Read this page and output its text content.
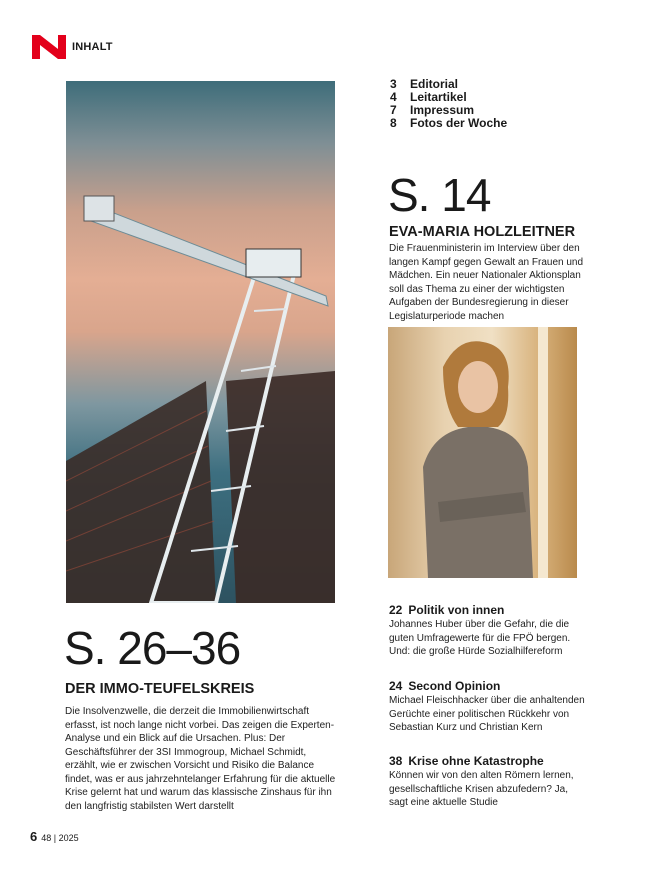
INHALT
3 Editorial
4 Leitartikel
7 Impressum
8 Fotos der Woche
S. 14
EVA-MARIA HOLZLEITNER
Die Frauenministerin im Interview über den langen Kampf gegen Gewalt an Frauen und Mädchen. Ein neuer Nationaler Aktionsplan soll das Thema zu einer der wichtigsten Aufgaben der Bundesregierung in dieser Legislaturperiode machen
S. 26–36
DER IMMO-TEUFELSKREIS
Die Insolvenzwelle, die derzeit die Immobilienwirtschaft erfasst, ist noch lange nicht vorbei. Das zeigen die Experten-Analyse und ein Blick auf die Ursachen. Plus: Der Geschäftsführer der 3SI Immogroup, Michael Schmidt, erzählt, wie er zwischen Vorsicht und Risiko die Balance findet, was er aus jahrzehntelanger Erfahrung für die aktuelle Krise gelernt hat und warum das klassische Zinshaus für ihn den langfristig stabilsten Wert darstellt
22 Politik von innen
Johannes Huber über die Gefahr, die die guten Umfragewerte für die FPÖ bergen. Und: die große Hürde Sozialhilfereform
24 Second Opinion
Michael Fleischhacker über die anhaltenden Gerüchte einer politischen Rückkehr von Sebastian Kurz und Christian Kern
38 Krise ohne Katastrophe
Können wir von den alten Römern lernen, gesellschaftliche Krisen abzufedern? Ja, sagt eine aktuelle Studie
6 48 | 2025
